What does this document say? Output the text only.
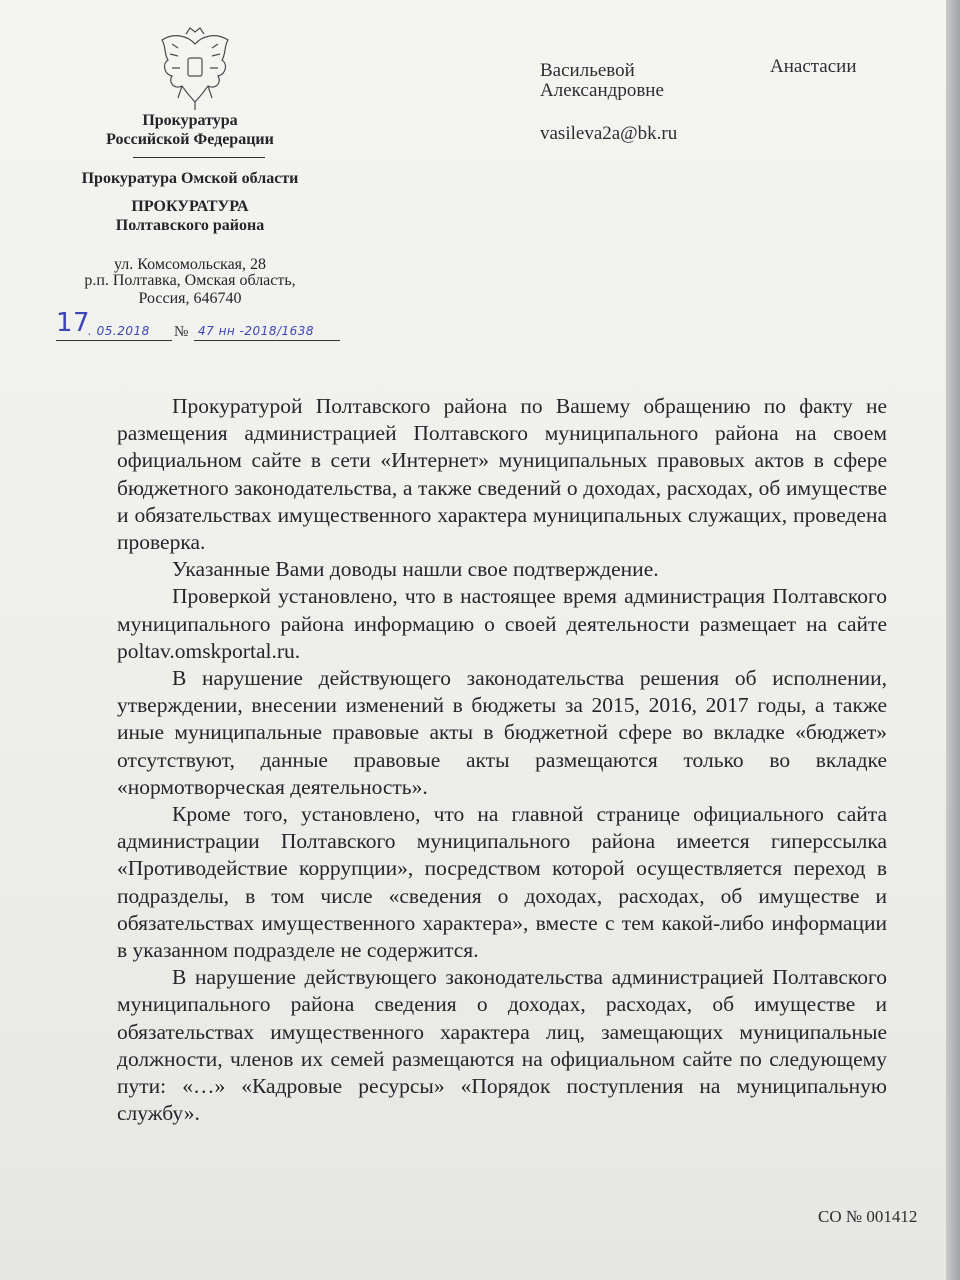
Прокуратура
Российской Федерации
Прокуратура Омской области
ПРОКУРАТУРА
Полтавского района
ул. Комсомольская, 28
р.п. Полтавка, Омская область,
Россия, 646740
17
. 05.2018 № 47 нн -2018/1638
Васильевой	Анастасии
Александровне
vasileva2a@bk.ru

Прокуратурой Полтавского района по Вашему обращению по факту не размещения администрацией Полтавского муниципального района на своем официальном сайте в сети «Интернет» муниципальных правовых актов в сфере бюджетного законодательства, а также сведений о доходах, расходах, об имуществе и обязательствах имущественного характера муниципальных служащих, проведена проверка.

Указанные Вами доводы нашли свое подтверждение.

Проверкой установлено, что в настоящее время администрация Полтавского муниципального района информацию о своей деятельности размещает на сайте poltav.omskportal.ru.

В нарушение действующего законодательства решения об исполнении, утверждении, внесении изменений в бюджеты за 2015, 2016, 2017 годы, а также иные муниципальные правовые акты в бюджетной сфере во вкладке «бюджет» отсутствуют, данные правовые акты размещаются только во вкладке «нормотворческая деятельность».

Кроме того, установлено, что на главной странице официального сайта администрации Полтавского муниципального района имеется гиперссылка «Противодействие коррупции», посредством которой осуществляется переход в подразделы, в том числе «сведения о доходах, расходах, об имуществе и обязательствах имущественного характера», вместе с тем какой-либо информации в указанном подразделе не содержится.

В нарушение действующего законодательства администрацией Полтавского муниципального района сведения о доходах, расходах, об имуществе и обязательствах имущественного характера лиц, замещающих муниципальные должности, членов их семей размещаются на официальном сайте по следующему пути: «…» «Кадровые ресурсы» «Порядок поступления на муниципальную службу».

СО № 001412
